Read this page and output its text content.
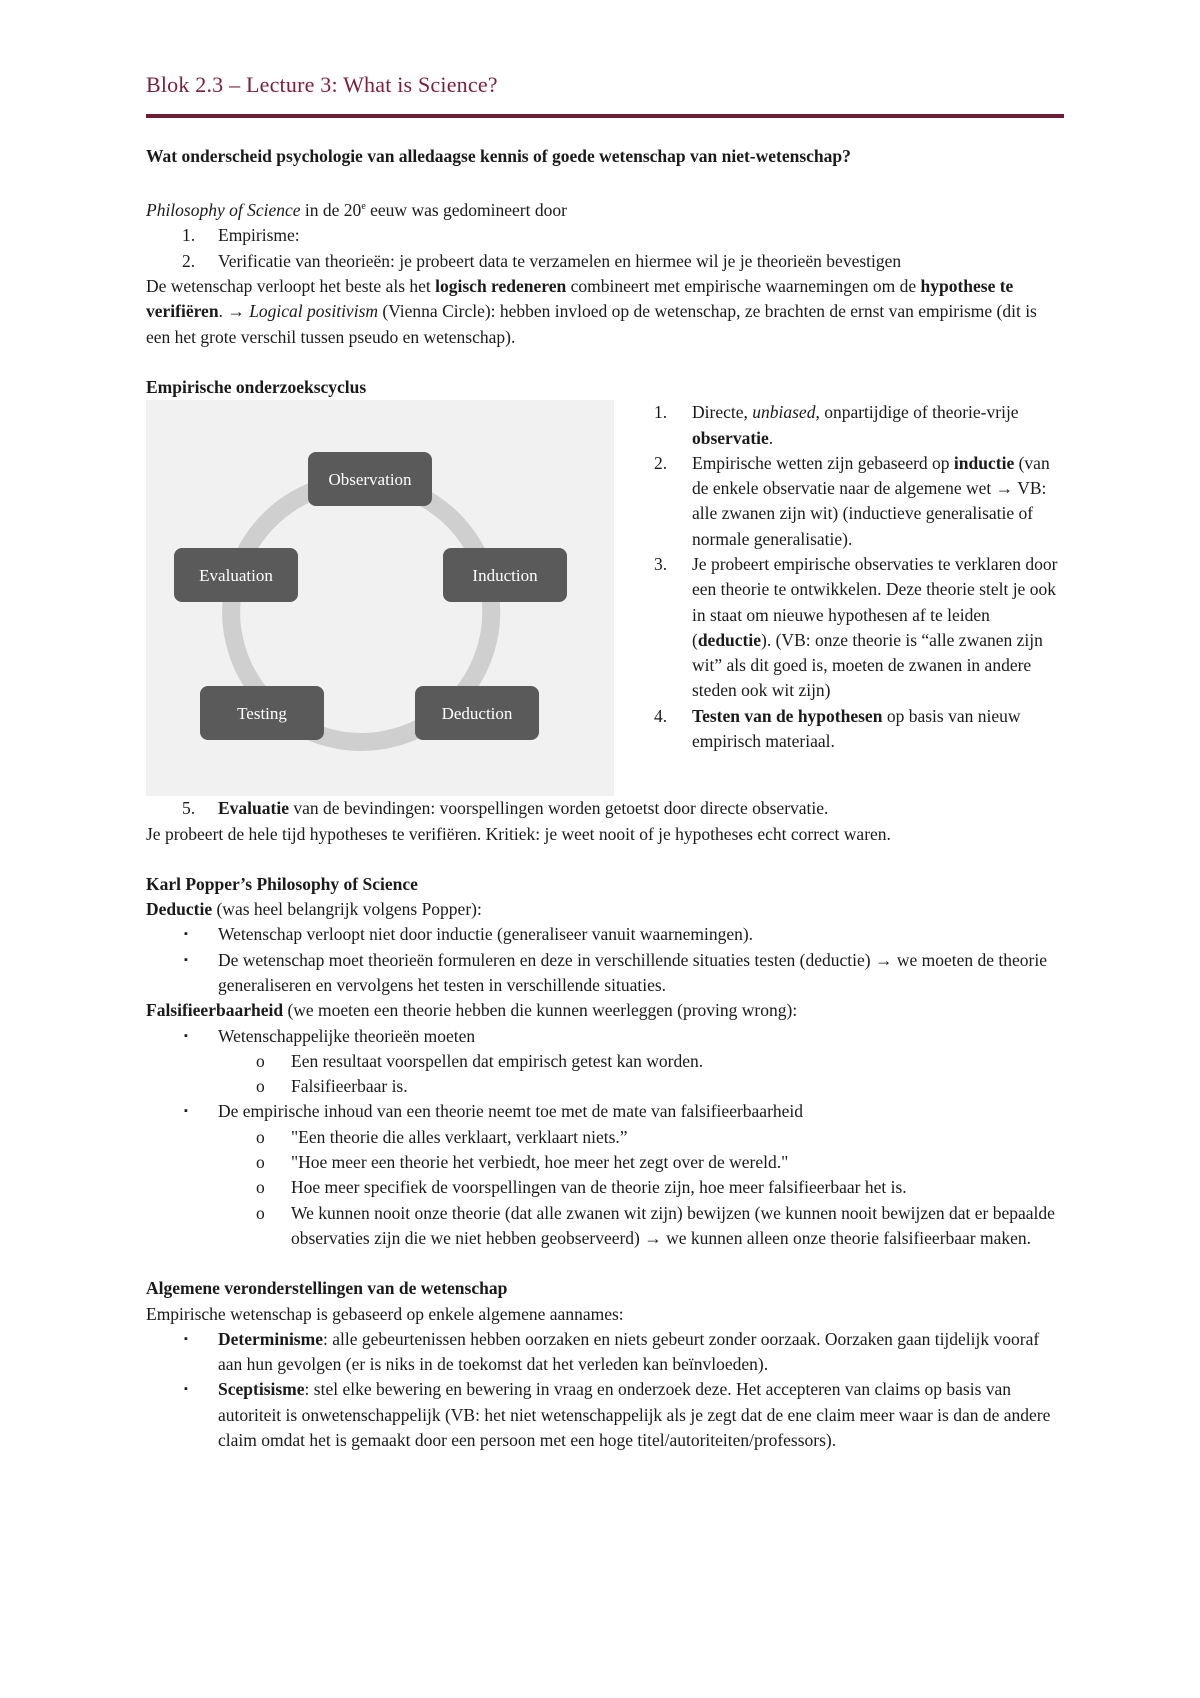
Blok 2.3 – Lecture 3: What is Science?

Wat onderscheid psychologie van alledaagse kennis of goede wetenschap van niet-wetenschap?

Philosophy of Science in de 20e eeuw was gedomineert door

1. Empirisme:
2. Verificatie van theorieën: je probeert data te verzamelen en hiermee wil je je theorieën bevestigen

De wetenschap verloopt het beste als het logisch redeneren combineert met empirische waarnemingen om de hypothese te verifiëren. → Logical positivism (Vienna Circle): hebben invloed op de wetenschap, ze brachten de ernst van empirisme (dit is een het grote verschil tussen pseudo en wetenschap).

Empirische onderzoekscyclus

Observation
Induction
Deduction
Testing
Evaluation
1. Directe, unbiased, onpartijdige of theorie-vrije observatie.
2. Empirische wetten zijn gebaseerd op inductie (van de enkele observatie naar de algemene wet → VB: alle zwanen zijn wit) (inductieve generalisatie of normale generalisatie).
3. Je probeert empirische observaties te verklaren door een theorie te ontwikkelen. Deze theorie stelt je ook in staat om nieuwe hypothesen af te leiden (deductie). (VB: onze theorie is “alle zwanen zijn wit” als dit goed is, moeten de zwanen in andere steden ook wit zijn)
4. Testen van de hypothesen op basis van nieuw empirisch materiaal.
5. Evaluatie van de bevindingen: voorspellingen worden getoetst door directe observatie.

Je probeert de hele tijd hypotheses te verifiëren. Kritiek: je weet nooit of je hypotheses echt correct waren.

Karl Popper’s Philosophy of Science

Deductie (was heel belangrijk volgens Popper):

▪ Wetenschap verloopt niet door inductie (generaliseer vanuit waarnemingen).
▪ De wetenschap moet theorieën formuleren en deze in verschillende situaties testen (deductie) → we moeten de theorie generaliseren en vervolgens het testen in verschillende situaties.

Falsifieerbaarheid (we moeten een theorie hebben die kunnen weerleggen (proving wrong):

▪ Wetenschappelijke theorieën moeten
o Een resultaat voorspellen dat empirisch getest kan worden.
o Falsifieerbaar is.
▪ De empirische inhoud van een theorie neemt toe met de mate van falsifieerbaarheid
o "Een theorie die alles verklaart, verklaart niets.”
o "Hoe meer een theorie het verbiedt, hoe meer het zegt over de wereld."
o Hoe meer specifiek de voorspellingen van de theorie zijn, hoe meer falsifieerbaar het is.
o We kunnen nooit onze theorie (dat alle zwanen wit zijn) bewijzen (we kunnen nooit bewijzen dat er bepaalde observaties zijn die we niet hebben geobserveerd) → we kunnen alleen onze theorie falsifieerbaar maken.

Algemene veronderstellingen van de wetenschap

Empirische wetenschap is gebaseerd op enkele algemene aannames:

▪ Determinisme: alle gebeurtenissen hebben oorzaken en niets gebeurt zonder oorzaak. Oorzaken gaan tijdelijk vooraf aan hun gevolgen (er is niks in de toekomst dat het verleden kan beïnvloeden).
▪ Sceptisisme: stel elke bewering en bewering in vraag en onderzoek deze. Het accepteren van claims op basis van autoriteit is onwetenschappelijk (VB: het niet wetenschappelijk als je zegt dat de ene claim meer waar is dan de andere claim omdat het is gemaakt door een persoon met een hoge titel/autoriteiten/professors).
